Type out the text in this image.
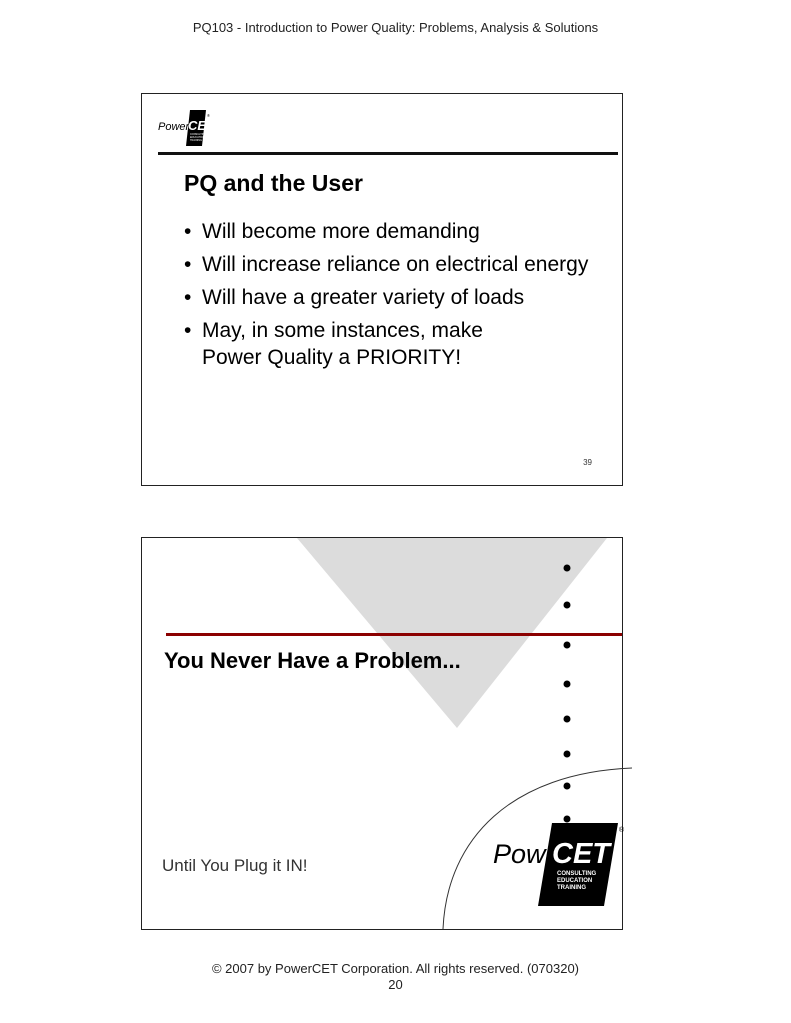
PQ103 - Introduction to Power Quality: Problems, Analysis & Solutions
Power
CET
CONSULTING
EDUCATION
TRAINING
®
PQ and the User
• Will become more demanding
• Will increase reliance on electrical energy
• Will have a greater variety of loads
• May, in some instances, make Power Quality a PRIORITY!
39
Power
CET
®
CONSULTING
EDUCATION
TRAINING
You Never Have a Problem...
Until You Plug it IN!
© 2007 by PowerCET Corporation. All rights reserved. (070320)
20
